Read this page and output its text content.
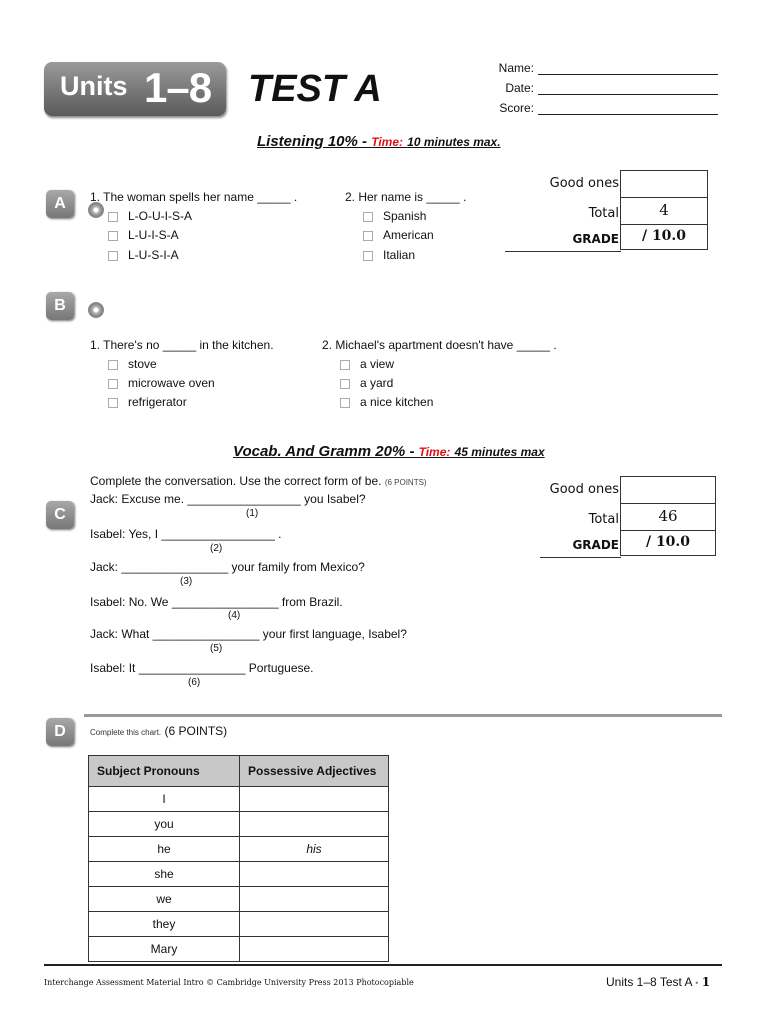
Units 1–8 TEST A	Name:
Date:
Score:
Listening 10% - Time: 10 minutes max.
A	1. The woman spells her name _____ .
L-O-U-I-S-A
L-U-I-S-A
L-U-S-I-A
2. Her name is _____ .
Spanish
American
Italian
Good ones
Total	4
GRADE	/ 10.0
B
1. There's no _____ in the kitchen.
stove
microwave oven
refrigerator
2. Michael's apartment doesn't have _____ .
a view
a yard
a nice kitchen
Vocab. And Gramm 20% - Time: 45 minutes max
C
Complete the conversation. Use the correct form of be. (6 POINTS)
Jack: Excuse me. _________________ you Isabel?
(1)
Isabel: Yes, I _________________ .
(2)
Jack: ________________ your family from Mexico?
(3)
Isabel: No. We ________________ from Brazil.
(4)
Jack: What ________________ your first language, Isabel?
(5)
Isabel: It ________________ Portuguese.
(6)
Good ones
Total	46
GRADE	/ 10.0
D	Complete this chart. (6 POINTS)
Subject Pronouns	Possessive Adjectives
I	
you	
he	his
she	
we	
they	
Mary	
Interchange Assessment Material Intro © Cambridge University Press 2013 Photocopiable	Units 1–8 Test A • 1
